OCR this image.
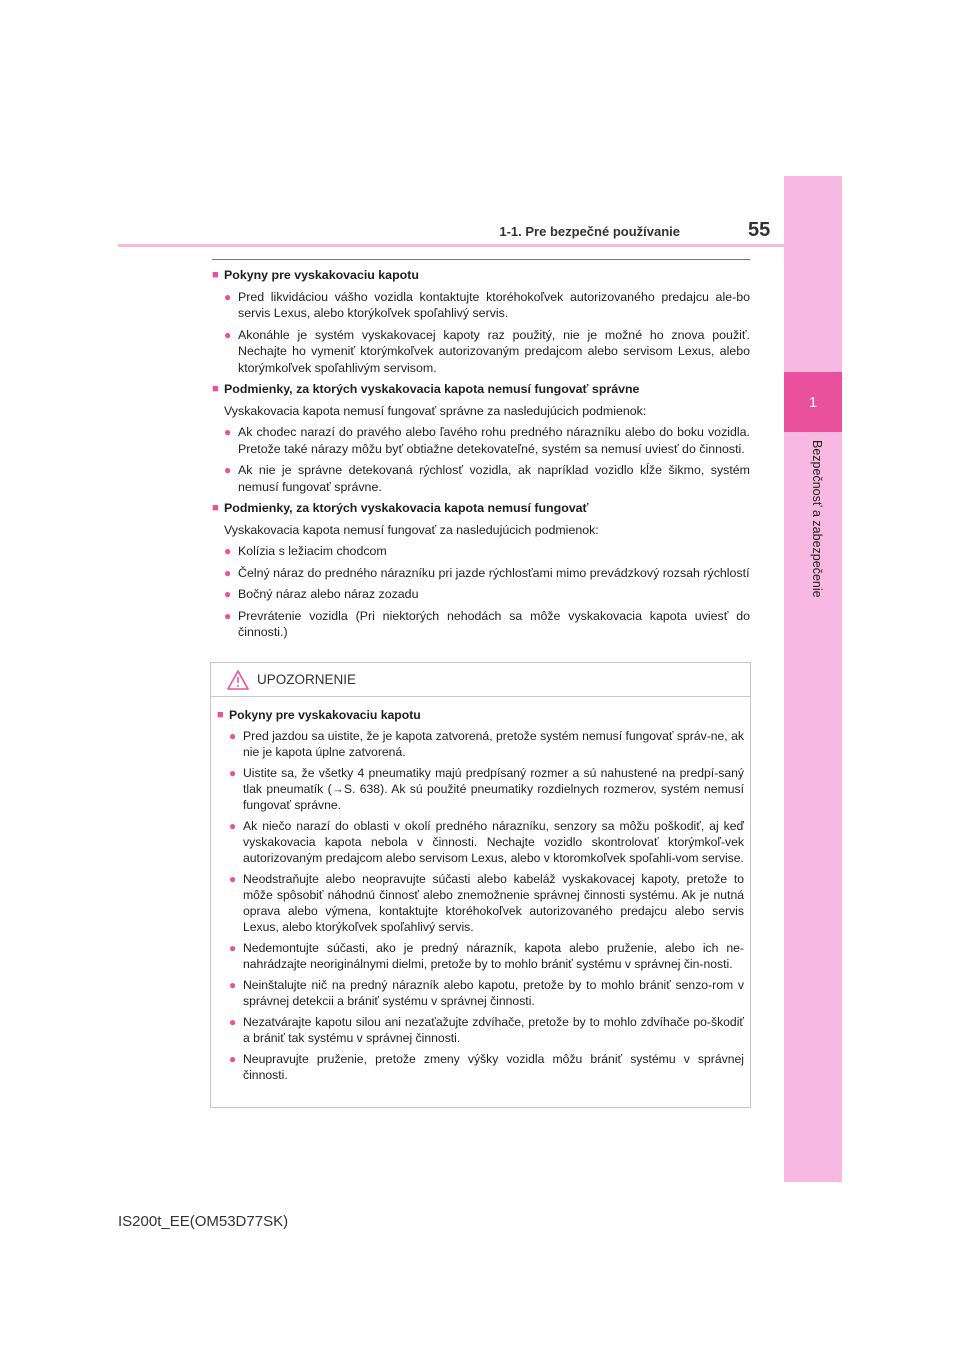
1
Bezpečnosť a zabezpečenie
1-1. Pre bezpečné používanie	55
■ Pokyny pre vyskakovaciu kapotu
● Pred likvidáciou vášho vozidla kontaktujte ktoréhokoľvek autorizovaného predajcu ale-bo servis Lexus, alebo ktorýkoľvek spoľahlivý servis.
● Akonáhle je systém vyskakovacej kapoty raz použitý, nie je možné ho znova použiť. Nechajte ho vymeniť ktorýmkoľvek autorizovaným predajcom alebo servisom Lexus, alebo ktorýmkoľvek spoľahlivým servisom.
■ Podmienky, za ktorých vyskakovacia kapota nemusí fungovať správne
Vyskakovacia kapota nemusí fungovať správne za nasledujúcich podmienok:
● Ak chodec narazí do pravého alebo ľavého rohu predného nárazníku alebo do boku vozidla. Pretože také nárazy môžu byť obtiažne detekovateľné, systém sa nemusí uviesť do činnosti.
● Ak nie je správne detekovaná rýchlosť vozidla, ak napríklad vozidlo kĺže šikmo, systém nemusí fungovať správne.
■ Podmienky, za ktorých vyskakovacia kapota nemusí fungovať
Vyskakovacia kapota nemusí fungovať za nasledujúcich podmienok:
● Kolízia s ležiacim chodcom
● Čelný náraz do predného nárazníku pri jazde rýchlosťami mimo prevádzkový rozsah rýchlostí
● Bočný náraz alebo náraz zozadu
● Prevrátenie vozidla (Pri niektorých nehodách sa môže vyskakovacia kapota uviesť do činnosti.)
UPOZORNENIE
■ Pokyny pre vyskakovaciu kapotu
● Pred jazdou sa uistite, že je kapota zatvorená, pretože systém nemusí fungovať správ-ne, ak nie je kapota úplne zatvorená.
● Uistite sa, že všetky 4 pneumatiky majú predpísaný rozmer a sú nahustené na predpí-saný tlak pneumatík (→S. 638). Ak sú použité pneumatiky rozdielnych rozmerov, systém nemusí fungovať správne.
● Ak niečo narazí do oblasti v okolí predného nárazníku, senzory sa môžu poškodiť, aj keď vyskakovacia kapota nebola v činnosti. Nechajte vozidlo skontrolovať ktorýmkoľ-vek autorizovaným predajcom alebo servisom Lexus, alebo v ktoromkoľvek spoľahli-vom servise.
● Neodstraňujte alebo neopravujte súčasti alebo kabeláž vyskakovacej kapoty, pretože to môže spôsobiť náhodnú činnosť alebo znemožnenie správnej činnosti systému. Ak je nutná oprava alebo výmena, kontaktujte ktoréhokoľvek autorizovaného predajcu alebo servis Lexus, alebo ktorýkoľvek spoľahlivý servis.
● Nedemontujte súčasti, ako je predný nárazník, kapota alebo pruženie, alebo ich ne-nahrádzajte neoriginálnymi dielmi, pretože by to mohlo brániť systému v správnej čin-nosti.
● Neinštalujte nič na predný nárazník alebo kapotu, pretože by to mohlo brániť senzo-rom v správnej detekcii a brániť systému v správnej činnosti.
● Nezatvárajte kapotu silou ani nezaťažujte zdvíhače, pretože by to mohlo zdvíhače po-škodiť a brániť tak systému v správnej činnosti.
● Neupravujte pruženie, pretože zmeny výšky vozidla môžu brániť systému v správnej činnosti.
IS200t_EE(OM53D77SK)
